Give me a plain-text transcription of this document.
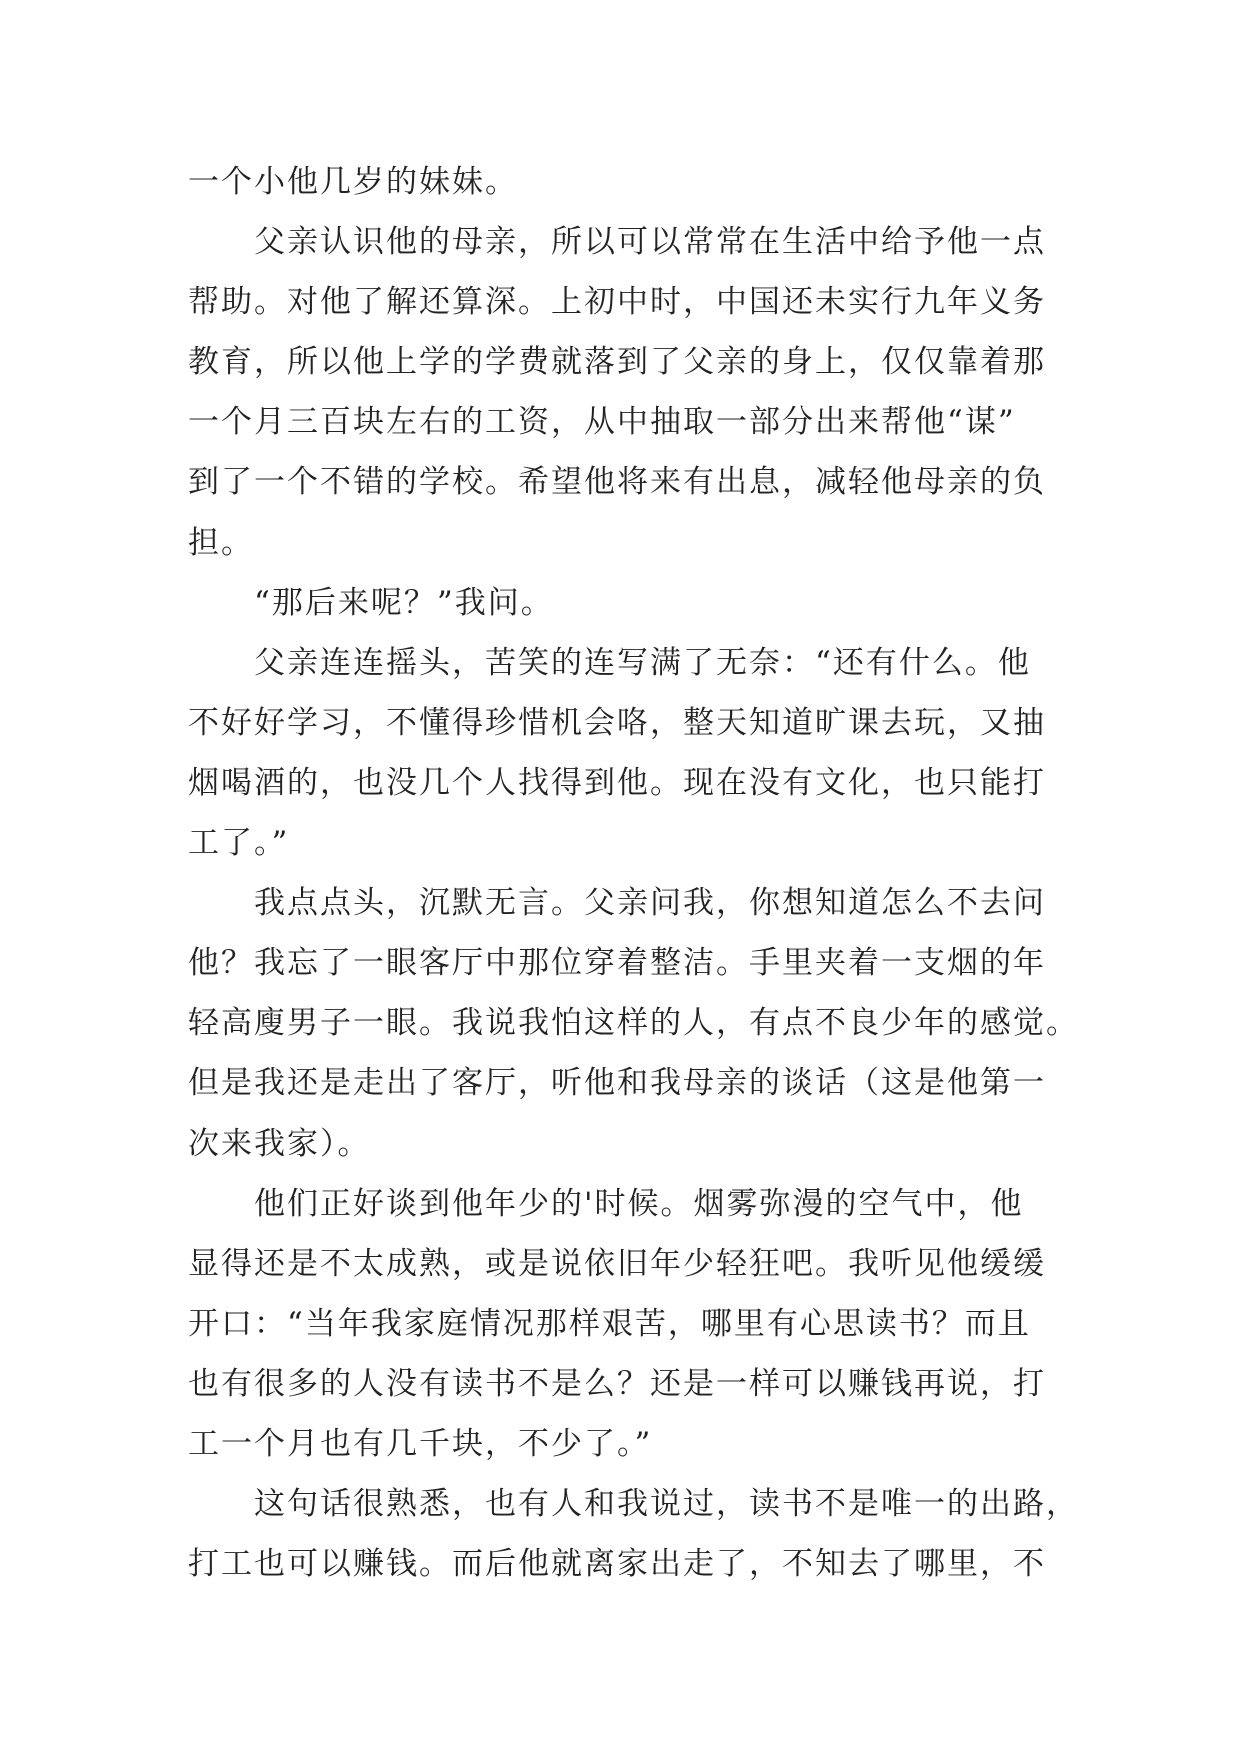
一个小他几岁的妹妹。
父亲认识他的母亲，所以可以常常在生活中给予他一点
帮助。对他了解还算深。上初中时，中国还未实行九年义务
教育，所以他上学的学费就落到了父亲的身上，仅仅靠着那
一个月三百块左右的工资，从中抽取一部分出来帮他“谋”
到了一个不错的学校。希望他将来有出息，减轻他母亲的负
担。
“那后来呢？”我问。
父亲连连摇头，苦笑的连写满了无奈：“还有什么。他
不好好学习，不懂得珍惜机会咯，整天知道旷课去玩，又抽
烟喝酒的，也没几个人找得到他。现在没有文化，也只能打
工了。”
我点点头，沉默无言。父亲问我，你想知道怎么不去问
他？我忘了一眼客厅中那位穿着整洁。手里夹着一支烟的年
轻高廋男子一眼。我说我怕这样的人，有点不良少年的感觉。
但是我还是走出了客厅，听他和我母亲的谈话（这是他第一
次来我家）。
他们正好谈到他年少的'时候。烟雾弥漫的空气中，他
显得还是不太成熟，或是说依旧年少轻狂吧。我听见他缓缓
开口：“当年我家庭情况那样艰苦，哪里有心思读书？而且
也有很多的人没有读书不是么？还是一样可以赚钱再说，打
工一个月也有几千块，不少了。”
这句话很熟悉，也有人和我说过，读书不是唯一的出路，
打工也可以赚钱。而后他就离家出走了，不知去了哪里，不
